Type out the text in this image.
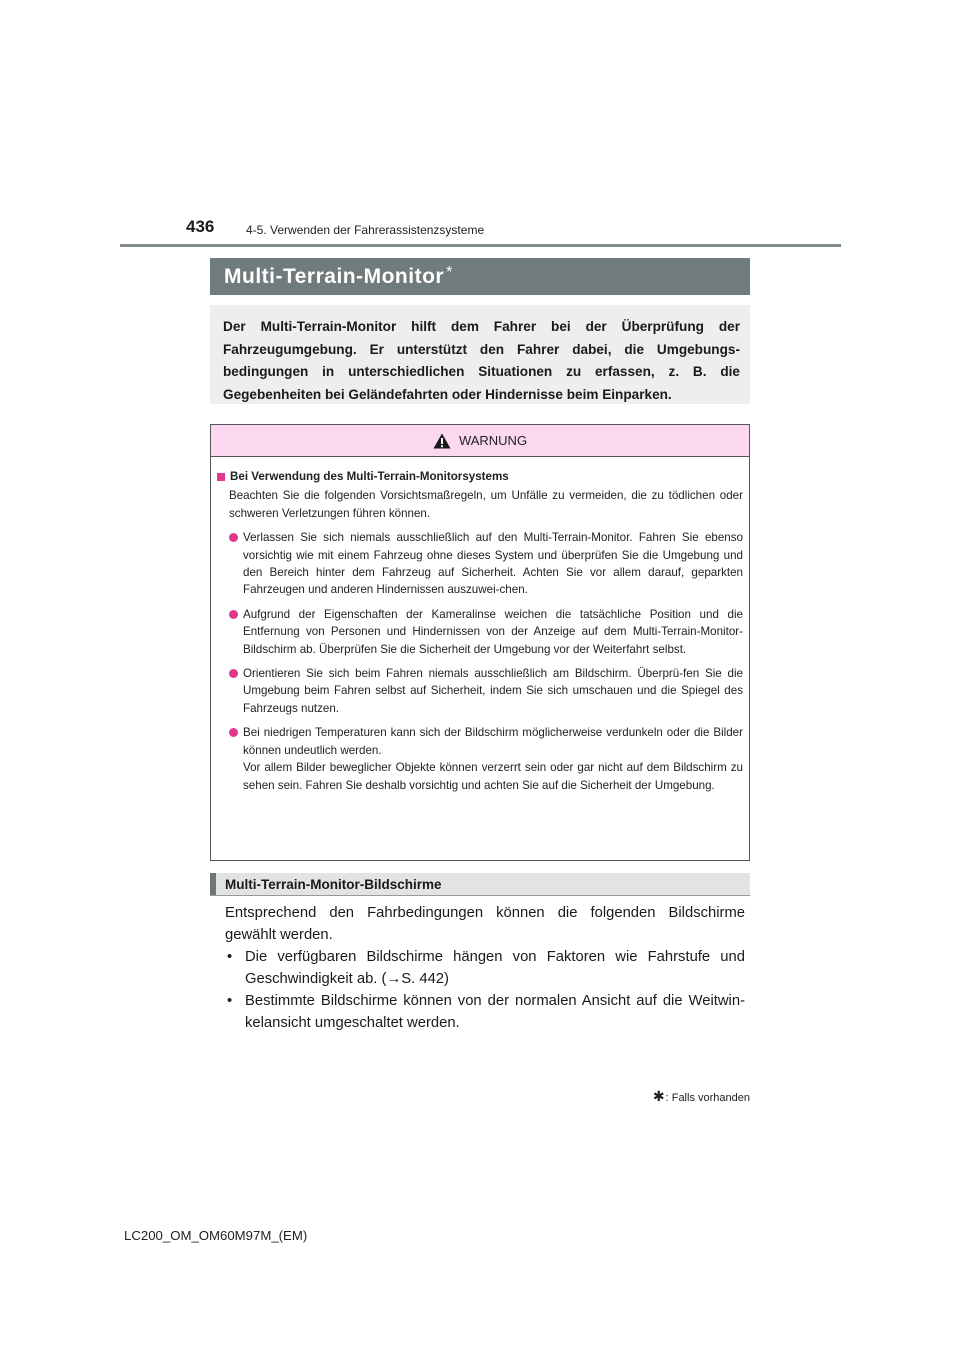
436	4-5. Verwenden der Fahrerassistenzsysteme
Multi-Terrain-Monitor *
Der Multi-Terrain-Monitor hilft dem Fahrer bei der Überprüfung der Fahrzeugumgebung. Er unterstützt den Fahrer dabei, die Umgebungsbedingungen in unterschiedlichen Situationen zu erfassen, z. B. die Gegebenheiten bei Geländefahrten oder Hindernisse beim Einparken.
WARNUNG
Bei Verwendung des Multi-Terrain-Monitorsystems
Beachten Sie die folgenden Vorsichtsmaßregeln, um Unfälle zu vermeiden, die zu tödlichen oder schweren Verletzungen führen können.
Verlassen Sie sich niemals ausschließlich auf den Multi-Terrain-Monitor. Fahren Sie ebenso vorsichtig wie mit einem Fahrzeug ohne dieses System und überprüfen Sie die Umgebung und den Bereich hinter dem Fahrzeug auf Sicherheit. Achten Sie vor allem darauf, geparkten Fahrzeugen und anderen Hindernissen auszuwei-chen.
Aufgrund der Eigenschaften der Kameralinse weichen die tatsächliche Position und die Entfernung von Personen und Hindernissen von der Anzeige auf dem Multi-Terrain-Monitor-Bildschirm ab. Überprüfen Sie die Sicherheit der Umgebung vor der Weiterfahrt selbst.
Orientieren Sie sich beim Fahren niemals ausschließlich am Bildschirm. Überprü-fen Sie die Umgebung beim Fahren selbst auf Sicherheit, indem Sie sich umschauen und die Spiegel des Fahrzeugs nutzen.
Bei niedrigen Temperaturen kann sich der Bildschirm möglicherweise verdunkeln oder die Bilder können undeutlich werden.
Vor allem Bilder beweglicher Objekte können verzerrt sein oder gar nicht auf dem Bildschirm zu sehen sein. Fahren Sie deshalb vorsichtig und achten Sie auf die Sicherheit der Umgebung.
Multi-Terrain-Monitor-Bildschirme
Entsprechend den Fahrbedingungen können die folgenden Bildschirme gewählt werden.
• Die verfügbaren Bildschirme hängen von Faktoren wie Fahrstufe und Geschwindigkeit ab. (→S. 442)
• Bestimmte Bildschirme können von der normalen Ansicht auf die Weitwin-kelansicht umgeschaltet werden.
✱: Falls vorhanden
LC200_OM_OM60M97M_(EM)
